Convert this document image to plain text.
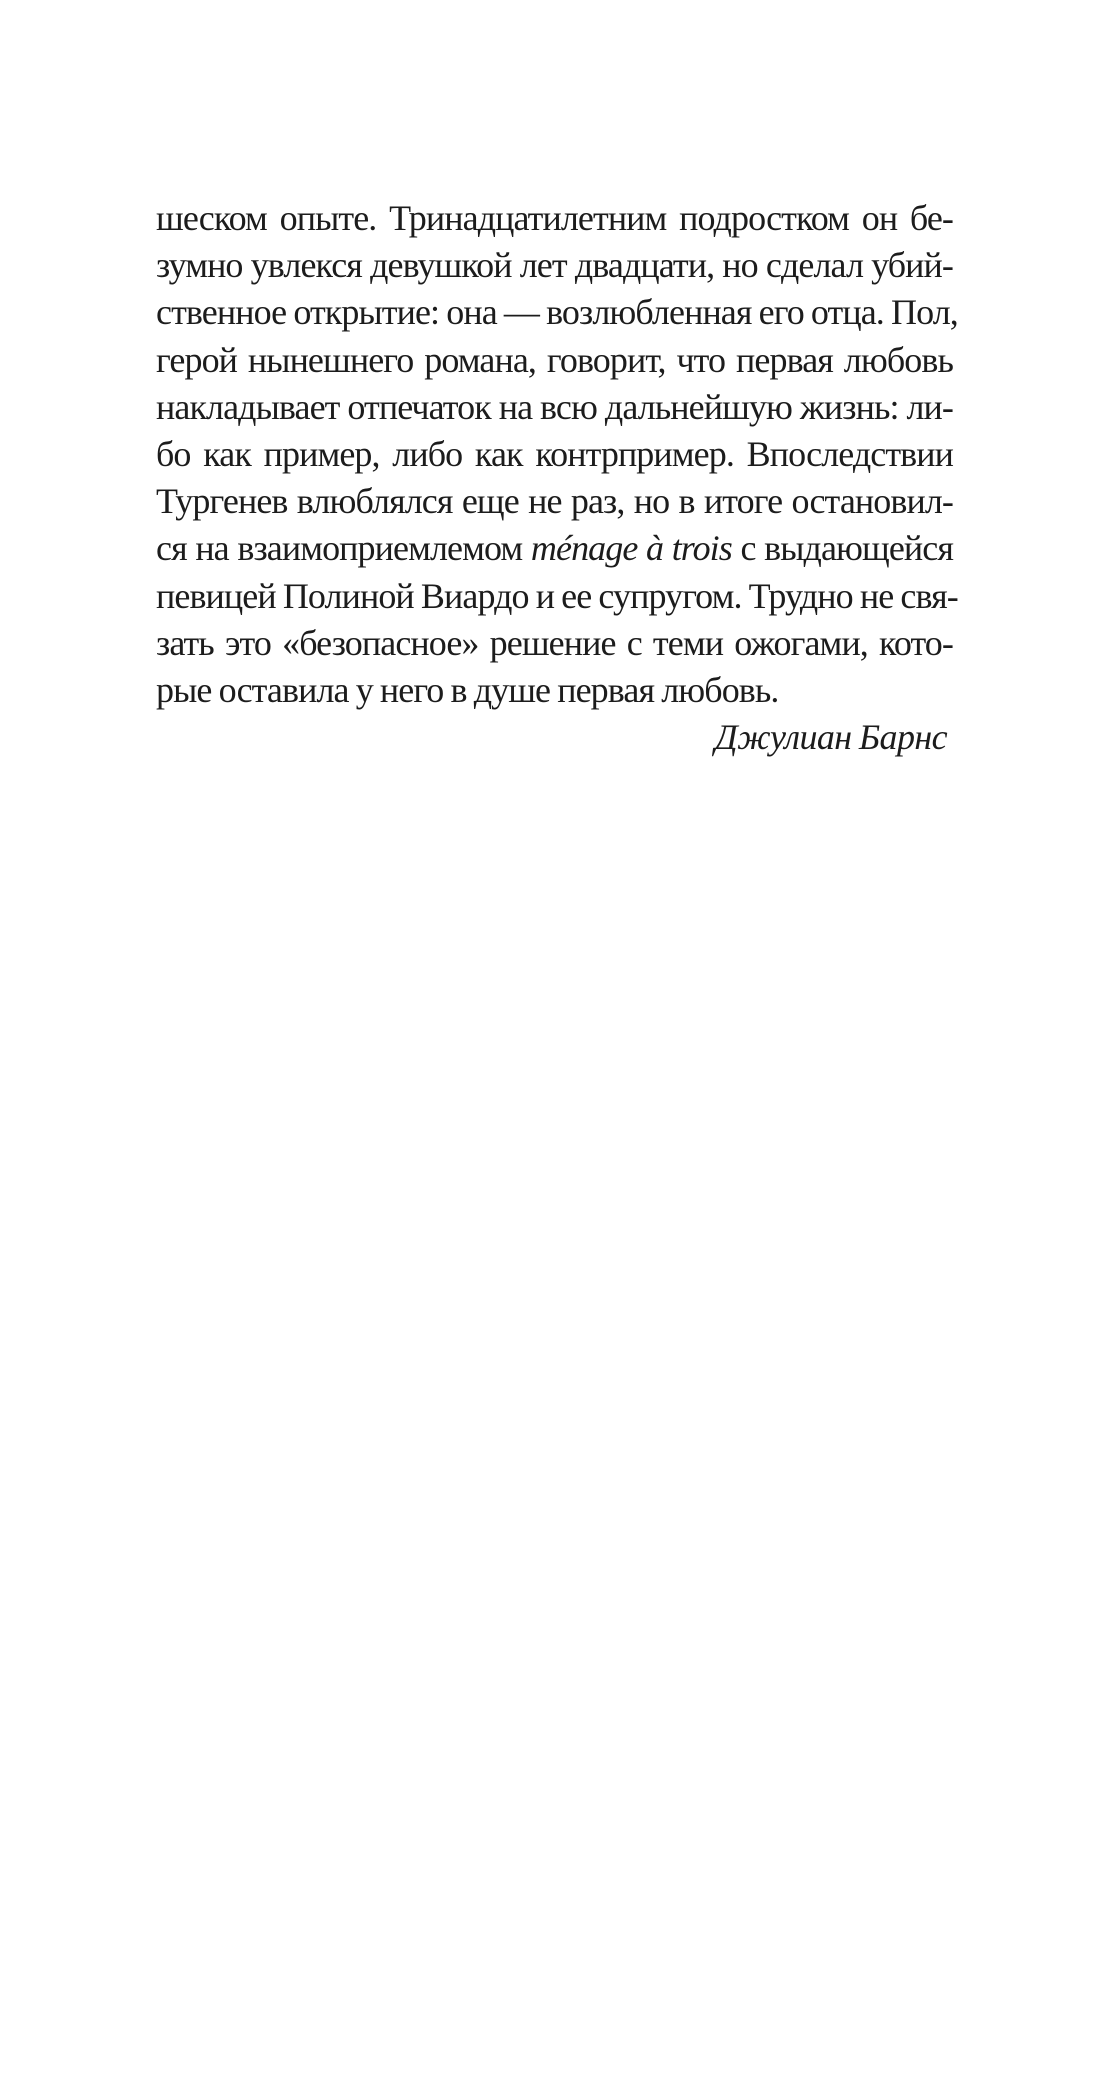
шеском опыте. Тринадцатилетним подростком он бе-
зумно увлекся девушкой лет двадцати, но сделал убий-
ственное открытие: она — возлюбленная его отца. Пол,
герой нынешнего романа, говорит, что первая любовь
накладывает отпечаток на всю дальнейшую жизнь: ли-
бо как пример, либо как контрпример. Впоследствии
Тургенев влюблялся еще не раз, но в итоге остановил-
ся на взаимоприемлемом ménage à trois с выдающейся
певицей Полиной Виардо и ее супругом. Трудно не свя-
зать это «безопасное» решение с теми ожогами, кото-
рые оставила у него в душе первая любовь.
Джулиан Барнс
